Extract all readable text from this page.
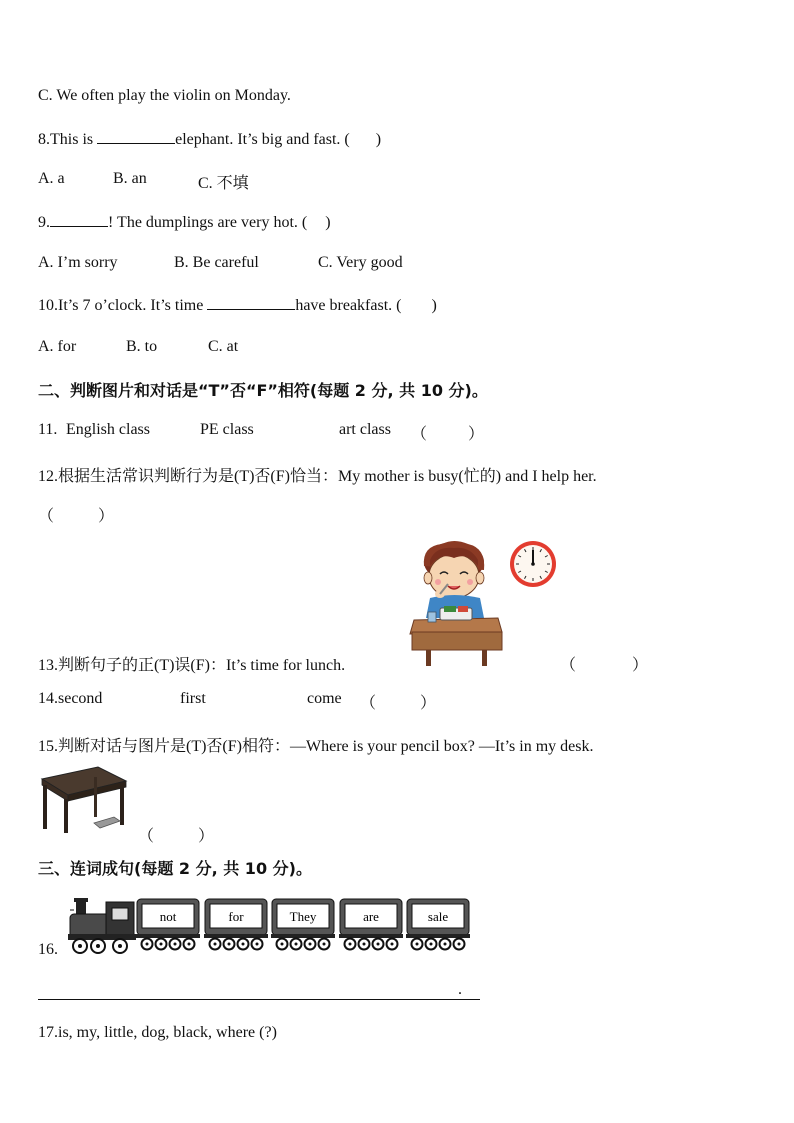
C. We often play the violin on Monday.
8.This is	elephant. It’s big and fast. ( )
A. a	B. an	C. 不填
9.	! The dumplings are very hot. ( )
A. I’m sorry	B. Be careful	C. Very good
10.It’s 7 o’clock. It’s time	have breakfast. ( )
A. for	B. to	C. at
二、判断图片和对话是“T”否“F”相符(每题 2 分, 共 10 分)。
11. English class	PE class	art class （	）
12.根据生活常识判断行为是(T)否(F)恰当：My mother is busy(忙的) and I help her.
（	）
13.判断句子的正(T)误(F)：It’s time for lunch.	（	）
14.second	first	come （	）
15.判断对话与图片是(T)否(F)相符：—Where is your pencil box? —It’s in my desk.
（	）
三、连词成句(每题 2 分, 共 10 分)。
16.
not	for	They	are	sale
.
17.is, my, little, dog, black, where (?)
